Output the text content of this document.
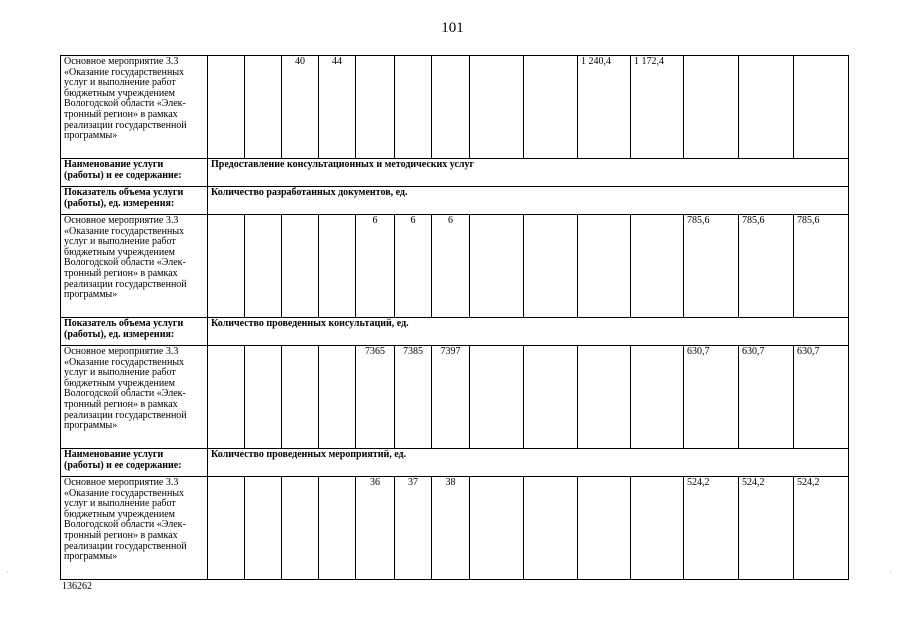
101
Основное мероприятие 3.3 «Оказание государственных услуг и выполнение работ бюджетным учреждением Вологодской области «Элек-тронный регион» в рамках реализации государственной программы»			40	44						1 240,4	1 172,4			
Наименование услуги (работы) и ее содержание:	Предоставление консультационных и методических услуг													
Показатель объема услуги (работы), ед. измерения:	Количество разработанных документов, ед.													
Основное мероприятие 3.3 «Оказание государственных услуг и выполнение работ бюджетным учреждением Вологодской области «Элек-тронный регион» в рамках реализации государственной программы»					6	6	6					785,6	785,6	785,6
Показатель объема услуги (работы), ед. измерения:	Количество проведенных консультаций, ед.													
Основное мероприятие 3.3 «Оказание государственных услуг и выполнение работ бюджетным учреждением Вологодской области «Элек-тронный регион» в рамках реализации государственной программы»					7365	7385	7397					630,7	630,7	630,7
Наименование услуги (работы) и ее содержание:	Количество проведенных мероприятий, ед.													
Основное мероприятие 3.3 «Оказание государственных услуг и выполнение работ бюджетным учреждением Вологодской области «Элек-тронный регион» в рамках реализации государственной программы»					36	37	38					524,2	524,2	524,2
136262
.	.
